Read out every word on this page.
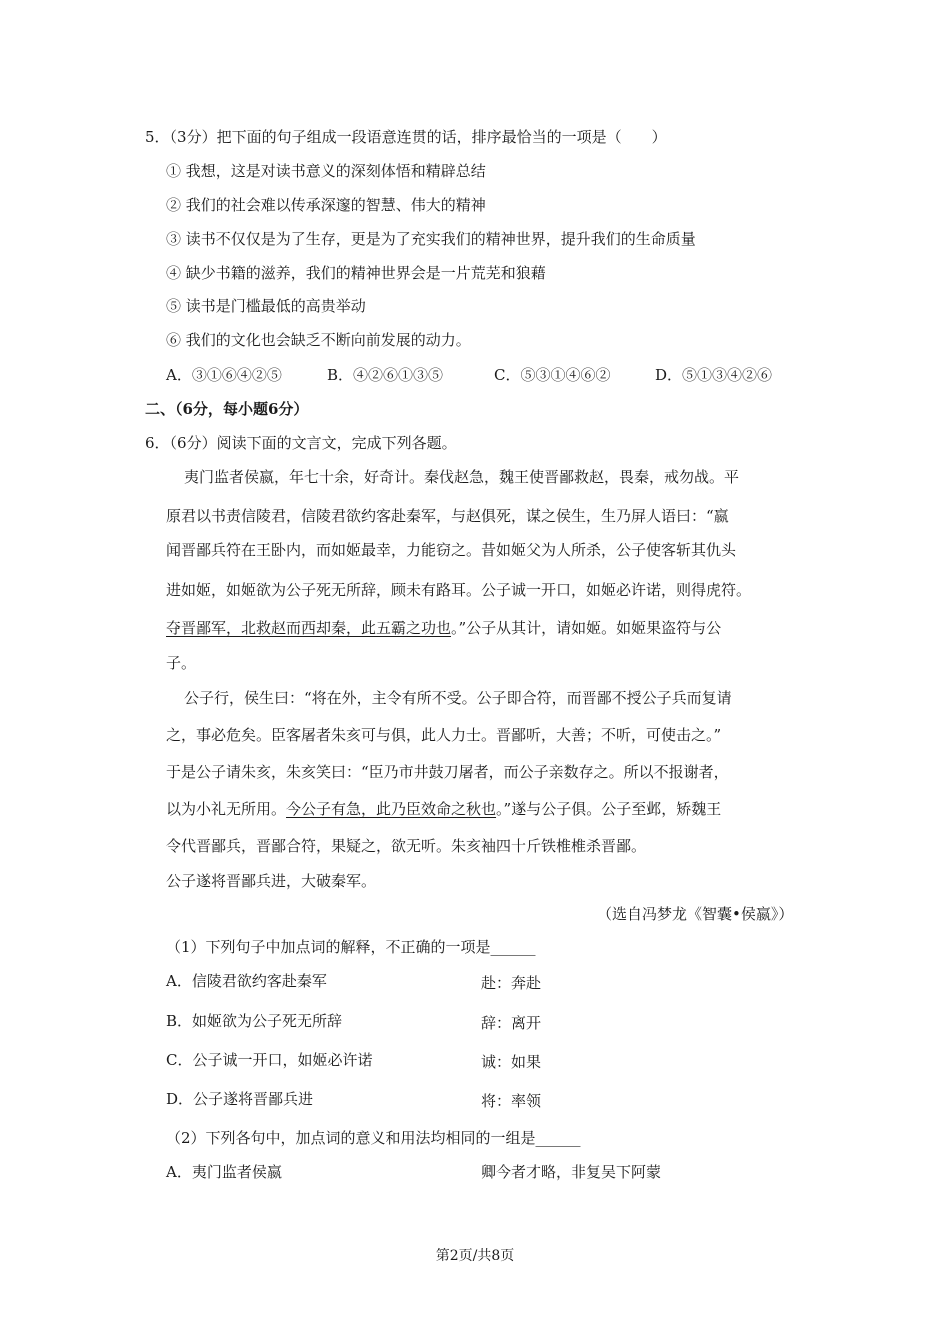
5．（3分）把下面的句子组成一段语意连贯的话，排序最恰当的一项是（　　）
① 我想，这是对读书意义的深刻体悟和精辟总结
② 我们的社会难以传承深邃的智慧、伟大的精神
③ 读书不仅仅是为了生存，更是为了充实我们的精神世界，提升我们的生命质量
④ 缺少书籍的滋养，我们的精神世界会是一片荒芜和狼藉
⑤ 读书是门槛最低的高贵举动
⑥ 我们的文化也会缺乏不断向前发展的动力。
A．③①⑥④②⑤	B．④②⑥①③⑤	C．⑤③①④⑥②	D．⑤①③④②⑥
二、（6分，每小题6分）
6．（6分）阅读下面的文言文，完成下列各题。
夷门监者侯嬴，年七十余，好奇计。秦伐赵急，魏王使晋鄙救赵，畏秦，戒勿战。平
原君以书责信陵君，信陵君欲约客赴秦军，与赵俱死，谋之侯生，生乃屏人语曰：“嬴
闻晋鄙兵符在王卧内，而如姬最幸，力能窃之。昔如姬父为人所杀，公子使客斩其仇头
进如姬，如姬欲为公子死无所辞，顾未有路耳。公子诚一开口，如姬必许诺，则得虎符。
夺晋鄙军，北救赵而西却秦，此五霸之功也。”公子从其计，请如姬。如姬果盗符与公
子。
公子行，侯生曰：“将在外，主令有所不受。公子即合符，而晋鄙不授公子兵而复请
之，事必危矣。臣客屠者朱亥可与俱，此人力士。晋鄙听，大善；不听，可使击之。”
于是公子请朱亥，朱亥笑曰：“臣乃市井鼓刀屠者，而公子亲数存之。所以不报谢者，
以为小礼无所用。今公子有急，此乃臣效命之秋也。”遂与公子俱。公子至邺，矫魏王
令代晋鄙兵，晋鄙合符，果疑之，欲无听。朱亥袖四十斤铁椎椎杀晋鄙。
公子遂将晋鄙兵进，大破秦军。
（选自冯梦龙《智囊•侯嬴》）
（1）下列句子中加点词的解释，不正确的一项是______
A．信陵君欲约客赴秦军	赴：奔赴
B．如姬欲为公子死无所辞	辞：离开
C．公子诚一开口，如姬必许诺	诚：如果
D．公子遂将晋鄙兵进	将：率领
（2）下列各句中，加点词的意义和用法均相同的一组是______
A．夷门监者侯嬴	卿今者才略，非复吴下阿蒙
第2页/共8页
